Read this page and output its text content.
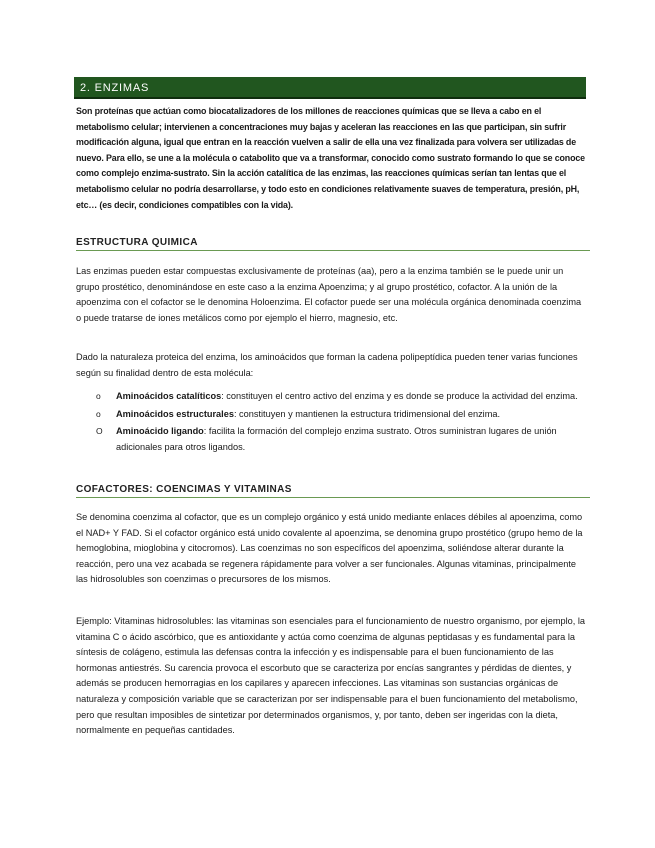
2. ENZIMAS

Son proteínas que actúan como biocatalizadores de los millones de reacciones químicas que se lleva a cabo en el metabolismo celular; intervienen a concentraciones muy bajas y aceleran las reacciones en las que participan, sin sufrir modificación alguna, igual que entran en la reacción vuelven a salir de ella una vez finalizada para volvera ser utilizadas de nuevo. Para ello, se une a la molécula o catabolito que va a transformar, conocido como sustrato formando lo que se conoce como complejo enzima-sustrato. Sin la acción catalítica de las enzimas, las reacciones químicas serían tan lentas que el metabolismo celular no podría desarrollarse, y todo esto en condiciones relativamente suaves de temperatura, presión, pH, etc… (es decir, condiciones compatibles con la vida).

ESTRUCTURA QUIMICA

Las enzimas pueden estar compuestas exclusivamente de proteínas (aa), pero a la enzima también se le puede unir un grupo prostético, denominándose en este caso a la enzima Apoenzima; y al grupo prostético, cofactor. A la unión de la apoenzima con el cofactor se le denomina Holoenzima. El cofactor puede ser una molécula orgánica denominada coenzima o puede tratarse de iones metálicos como por ejemplo el hierro, magnesio, etc.

Dado la naturaleza proteica del enzima, los aminoácidos que forman la cadena polipeptídica pueden tener varias funciones según su finalidad dentro de esta molécula:

o Aminoácidos catalíticos: constituyen el centro activo del enzima y es donde se produce la actividad del enzima.
o Aminoácidos estructurales: constituyen y mantienen la estructura tridimensional del enzima.
O Aminoácido ligando: facilita la formación del complejo enzima sustrato. Otros suministran lugares de unión adicionales para otros ligandos.
COFACTORES: COENCIMAS Y VITAMINAS

Se denomina coenzima al cofactor, que es un complejo orgánico y está unido mediante enlaces débiles al apoenzima, como el NAD+ Y FAD. Si el cofactor orgánico está unido covalente al apoenzima, se denomina grupo prostético (grupo hemo de la hemoglobina, mioglobina y citocromos). Las coenzimas no son específicos del apoenzima, soliéndose alterar durante la reacción, pero una vez acabada se regenera rápidamente para volver a ser funcionales. Algunas vitaminas, principalmente las hidrosolubles son coenzimas o precursores de los mismos.

Ejemplo: Vitaminas hidrosolubles: las vitaminas son esenciales para el funcionamiento de nuestro organismo, por ejemplo, la vitamina C o ácido ascórbico, que es antioxidante y actúa como coenzima de algunas peptidasas y es fundamental para la síntesis de colágeno, estimula las defensas contra la infección y es indispensable para el buen funcionamiento de las hormonas antiestrés. Su carencia provoca el escorbuto que se caracteriza por encías sangrantes y pérdidas de dientes, y además se producen hemorragias en los capilares y aparecen infecciones. Las vitaminas son sustancias orgánicas de naturaleza y composición variable que se caracterizan por ser indispensable para el buen funcionamiento del metabolismo, pero que resultan imposibles de sintetizar por determinados organismos, y, por tanto, deben ser ingeridas con la dieta, normalmente en pequeñas cantidades.
